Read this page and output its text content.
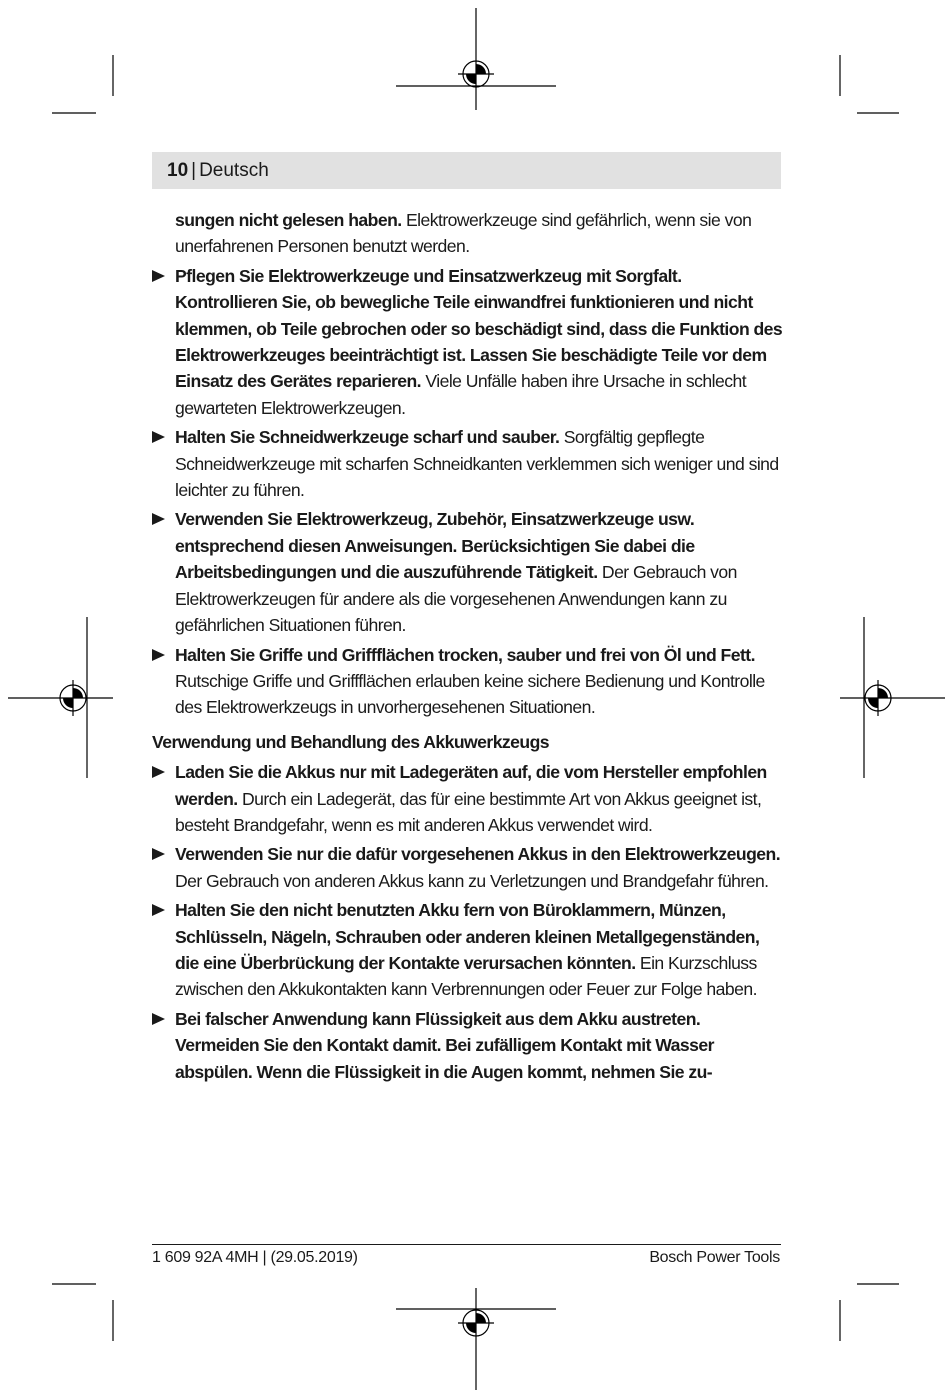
10 | Deutsch

sungen nicht gelesen haben. Elektrowerkzeuge sind gefährlich, wenn sie von unerfahrenen Personen benutzt werden.

Pflegen Sie Elektrowerkzeuge und Einsatzwerkzeug mit Sorgfalt. Kontrollieren Sie, ob bewegliche Teile einwandfrei funktionieren und nicht klemmen, ob Teile gebrochen oder so beschädigt sind, dass die Funktion des Elektrowerkzeuges beeinträchtigt ist. Lassen Sie beschädigte Teile vor dem Einsatz des Gerätes reparieren. Viele Unfälle haben ihre Ursache in schlecht gewarteten Elektrowerkzeugen.

Halten Sie Schneidwerkzeuge scharf und sauber. Sorgfältig gepflegte Schneidwerkzeuge mit scharfen Schneidkanten verklemmen sich weniger und sind leichter zu führen.

Verwenden Sie Elektrowerkzeug, Zubehör, Einsatzwerkzeuge usw. entsprechend diesen Anweisungen. Berücksichtigen Sie dabei die Arbeitsbedingungen und die auszuführende Tätigkeit. Der Gebrauch von Elektrowerkzeugen für andere als die vorgesehenen Anwendungen kann zu gefährlichen Situationen führen.

Halten Sie Griffe und Griffflächen trocken, sauber und frei von Öl und Fett. Rutschige Griffe und Griffflächen erlauben keine sichere Bedienung und Kontrolle des Elektrowerkzeugs in unvorhergesehenen Situationen.

Verwendung und Behandlung des Akkuwerkzeugs

Laden Sie die Akkus nur mit Ladegeräten auf, die vom Hersteller empfohlen werden. Durch ein Ladegerät, das für eine bestimmte Art von Akkus geeignet ist, besteht Brandgefahr, wenn es mit anderen Akkus verwendet wird.

Verwenden Sie nur die dafür vorgesehenen Akkus in den Elektrowerkzeugen. Der Gebrauch von anderen Akkus kann zu Verletzungen und Brandgefahr führen.

Halten Sie den nicht benutzten Akku fern von Büroklammern, Münzen, Schlüsseln, Nägeln, Schrauben oder anderen kleinen Metallgegenständen, die eine Überbrückung der Kontakte verursachen könnten. Ein Kurzschluss zwischen den Akkukontakten kann Verbrennungen oder Feuer zur Folge haben.

Bei falscher Anwendung kann Flüssigkeit aus dem Akku austreten. Vermeiden Sie den Kontakt damit. Bei zufälligem Kontakt mit Wasser abspülen. Wenn die Flüssigkeit in die Augen kommt, nehmen Sie zu-

1 609 92A 4MH | (29.05.2019)	Bosch Power Tools
